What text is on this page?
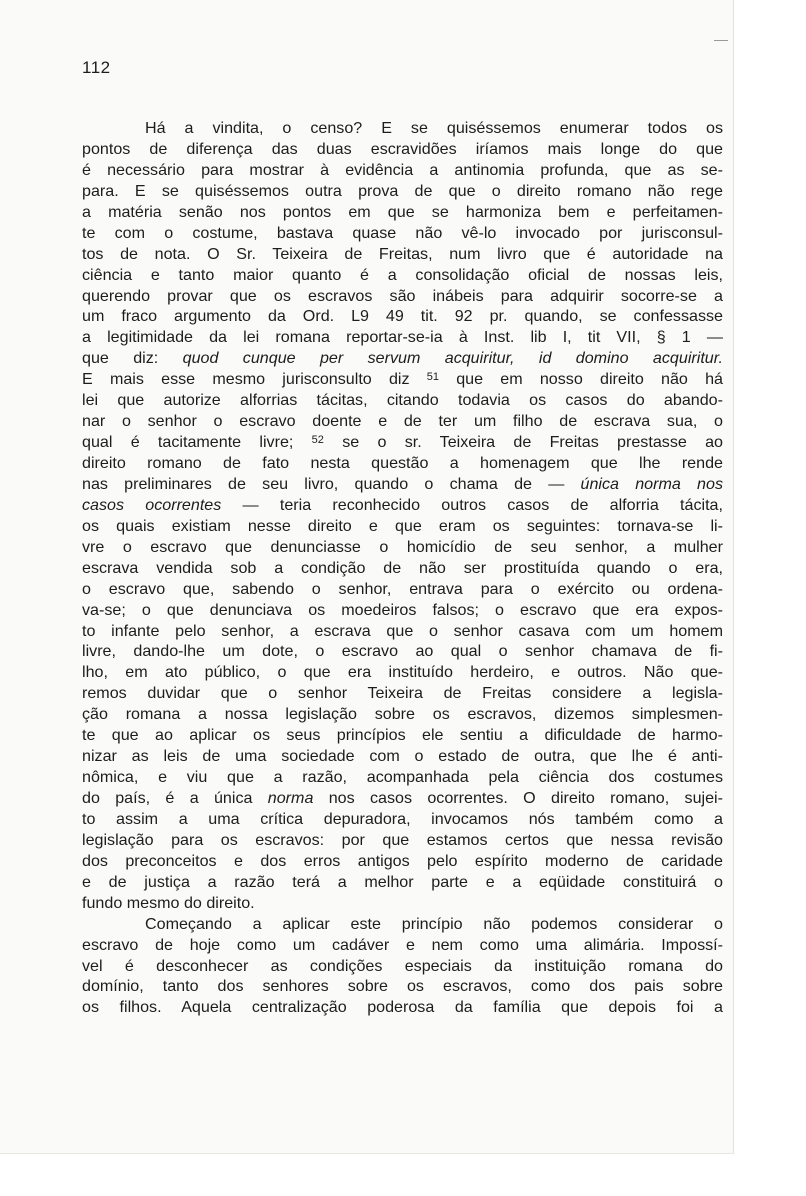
112
Há a vindita, o censo? E se quiséssemos enumerar todos os
pontos de diferença das duas escravidões iríamos mais longe do que
é necessário para mostrar à evidência a antinomia profunda, que as se-
para. E se quiséssemos outra prova de que o direito romano não rege
a matéria senão nos pontos em que se harmoniza bem e perfeitamen-
te com o costume, bastava quase não vê-lo invocado por jurisconsul-
tos de nota. O Sr. Teixeira de Freitas, num livro que é autoridade na
ciência e tanto maior quanto é a consolidação oficial de nossas leis,
querendo provar que os escravos são inábeis para adquirir socorre-se a
um fraco argumento da Ord. L9 49 tit. 92 pr. quando, se confessasse
a legitimidade da lei romana reportar-se-ia à Inst. lib I, tit VII, § 1 —
que diz: quod cunque per servum acquiritur, id domino acquiritur.
E mais esse mesmo jurisconsulto diz $^{51}$ que em nosso direito não há
lei que autorize alforrias tácitas, citando todavia os casos do abando-
nar o senhor o escravo doente e de ter um filho de escrava sua, o
qual é tacitamente livre; $^{52}$ se o sr. Teixeira de Freitas prestasse ao
direito romano de fato nesta questão a homenagem que lhe rende
nas preliminares de seu livro, quando o chama de — única norma nos
casos ocorrentes — teria reconhecido outros casos de alforria tácita,
os quais existiam nesse direito e que eram os seguintes: tornava-se li-
vre o escravo que denunciasse o homicídio de seu senhor, a mulher
escrava vendida sob a condição de não ser prostituída quando o era,
o escravo que, sabendo o senhor, entrava para o exército ou ordena-
va-se; o que denunciava os moedeiros falsos; o escravo que era expos-
to infante pelo senhor, a escrava que o senhor casava com um homem
livre, dando-lhe um dote, o escravo ao qual o senhor chamava de fi-
lho, em ato público, o que era instituído herdeiro, e outros. Não que-
remos duvidar que o senhor Teixeira de Freitas considere a legisla-
ção romana a nossa legislação sobre os escravos, dizemos simplesmen-
te que ao aplicar os seus princípios ele sentiu a dificuldade de harmo-
nizar as leis de uma sociedade com o estado de outra, que lhe é anti-
nômica, e viu que a razão, acompanhada pela ciência dos costumes
do país, é a única norma nos casos ocorrentes. O direito romano, sujei-
to assim a uma crítica depuradora, invocamos nós também como a
legislação para os escravos: por que estamos certos que nessa revisão
dos preconceitos e dos erros antigos pelo espírito moderno de caridade
e de justiça a razão terá a melhor parte e a eqüidade constituirá o
fundo mesmo do direito.
Começando a aplicar este princípio não podemos considerar o
escravo de hoje como um cadáver e nem como uma alimária. Impossí-
vel é desconhecer as condições especiais da instituição romana do
domínio, tanto dos senhores sobre os escravos, como dos pais sobre
os filhos. Aquela centralização poderosa da família que depois foi a
